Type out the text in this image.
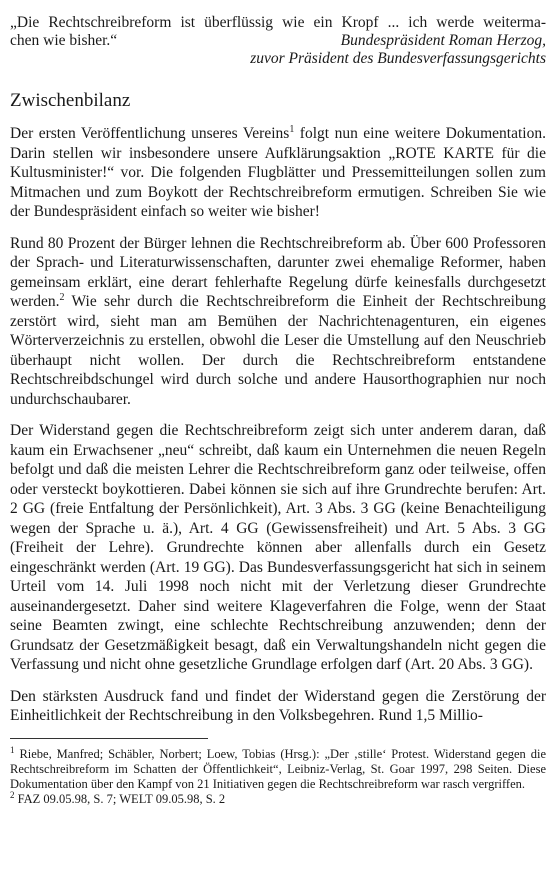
„Die Rechtschreibreform ist überflüssig wie ein Kropf ... ich werde weiterma-
chen wie bisher.“	Bundespräsident Roman Herzog,
zuvor Präsident des Bundesverfassungsgerichts
Zwischenbilanz

Der ersten Veröffentlichung unseres Vereins$^1$ folgt nun eine weitere Dokumentation. Darin stellen wir insbesondere unsere Aufklärungsaktion „ROTE KARTE für die Kultusminister!“ vor. Die folgenden Flugblätter und Pressemitteilungen sollen zum Mitmachen und zum Boykott der Rechtschreibreform ermutigen. Schreiben Sie wie der Bundespräsident einfach so weiter wie bisher!

Rund 80 Prozent der Bürger lehnen die Rechtschreibreform ab. Über 600 Professoren der Sprach- und Literaturwissenschaften, darunter zwei ehemalige Reformer, haben gemeinsam erklärt, eine derart fehlerhafte Regelung dürfe keinesfalls durchgesetzt werden.$^2$ Wie sehr durch die Rechtschreibreform die Einheit der Rechtschreibung zerstört wird, sieht man am Bemühen der Nachrichtenagenturen, ein eigenes Wörterverzeichnis zu erstellen, obwohl die Leser die Umstellung auf den Neuschrieb überhaupt nicht wollen. Der durch die Rechtschreibreform entstandene Rechtschreibdschungel wird durch solche und andere Hausorthographien nur noch undurchschaubarer.

Der Widerstand gegen die Rechtschreibreform zeigt sich unter anderem daran, daß kaum ein Erwachsener „neu“ schreibt, daß kaum ein Unternehmen die neuen Regeln befolgt und daß die meisten Lehrer die Rechtschreibreform ganz oder teilweise, offen oder versteckt boykottieren. Dabei können sie sich auf ihre Grundrechte berufen: Art. 2 GG (freie Entfaltung der Persönlichkeit), Art. 3 Abs. 3 GG (keine Benachteiligung wegen der Sprache u. ä.), Art. 4 GG (Gewissensfreiheit) und Art. 5 Abs. 3 GG (Freiheit der Lehre). Grundrechte können aber allenfalls durch ein Gesetz eingeschränkt werden (Art. 19 GG). Das Bundesverfassungsgericht hat sich in seinem Urteil vom 14. Juli 1998 noch nicht mit der Verletzung dieser Grundrechte auseinandergesetzt. Daher sind weitere Klageverfahren die Folge, wenn der Staat seine Beamten zwingt, eine schlechte Rechtschreibung anzuwenden; denn der Grundsatz der Gesetzmäßigkeit besagt, daß ein Verwaltungshandeln nicht gegen die Verfassung und nicht ohne gesetzliche Grundlage erfolgen darf (Art. 20 Abs. 3 GG).

Den stärksten Ausdruck fand und findet der Widerstand gegen die Zerstörung der Einheitlichkeit der Rechtschreibung in den Volksbegehren. Rund 1,5 Millio-

$^1$ Riebe, Manfred; Schäbler, Norbert; Loew, Tobias (Hrsg.): „Der ‚stille‘ Protest. Widerstand gegen die Rechtschreibreform im Schatten der Öffentlichkeit“, Leibniz-Verlag, St. Goar 1997, 298 Seiten. Diese Dokumentation über den Kampf von 21 Initiativen gegen die Rechtschreibreform war rasch vergriffen.

$^2$ FAZ 09.05.98, S. 7; WELT 09.05.98, S. 2
